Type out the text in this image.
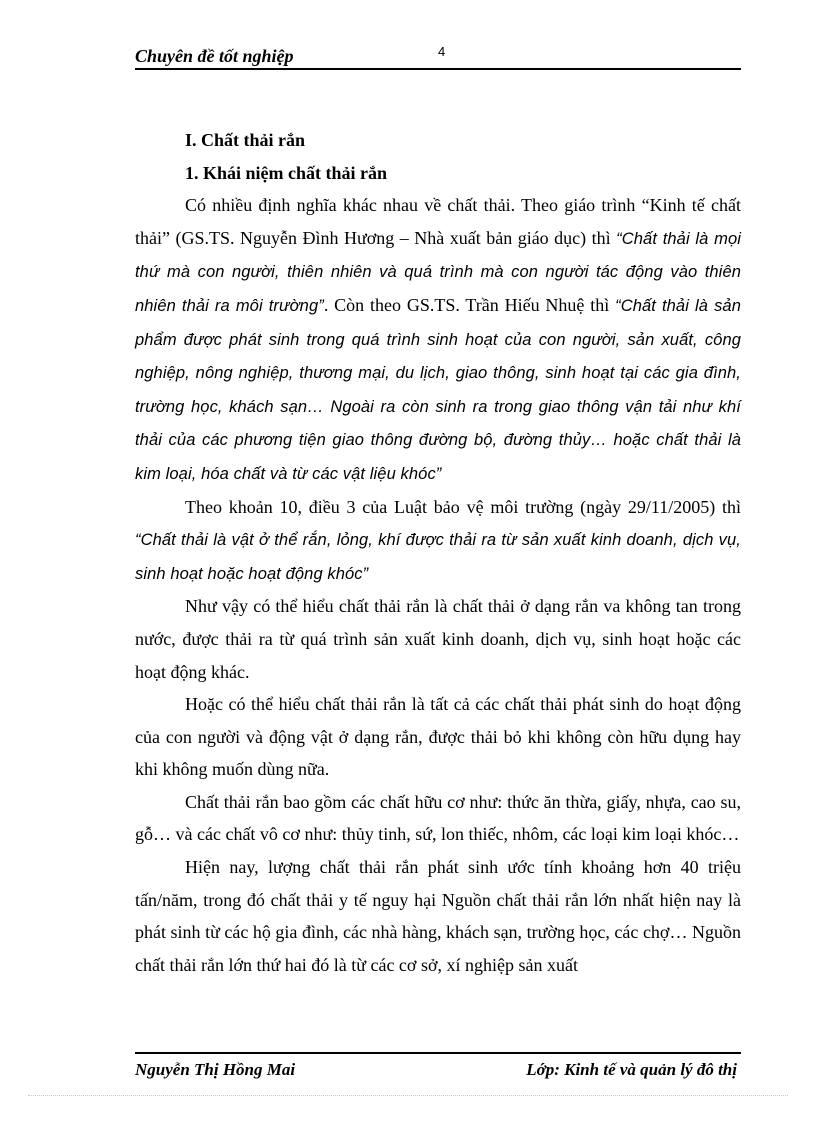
Chuyên đề tốt nghiệp	4

I. Chất thải rắn

1. Khái niệm chất thải rắn

Có nhiều định nghĩa khác nhau về chất thải. Theo giáo trình “Kinh tế chất thải” (GS.TS. Nguyễn Đình Hương – Nhà xuất bản giáo dục) thì “Chất thải là mọi thứ mà con người, thiên nhiên và quá trình mà con người tác động vào thiên nhiên thải ra môi trường”. Còn theo GS.TS. Trần Hiếu Nhuệ thì “Chất thải là sản phẩm được phát sinh trong quá trình sinh hoạt của con người, sản xuất, công nghiệp, nông nghiệp, thương mại, du lịch, giao thông, sinh hoạt tại các gia đình, trường học, khách sạn… Ngoài ra còn sinh ra trong giao thông vận tải như khí thải của các phương tiện giao thông đường bộ, đường thủy… hoặc chất thải là kim loại, hóa chất và từ các vật liệu khóc”

Theo khoản 10, điều 3 của Luật bảo vệ môi trường (ngày 29/11/2005) thì “Chất thải là vật ở thể rắn, lỏng, khí được thải ra từ sản xuất kinh doanh, dịch vụ, sinh hoạt hoặc hoạt động khóc”

Như vậy có thể hiểu chất thải rắn là chất thải ở dạng rắn va không tan trong nước, được thải ra từ quá trình sản xuất kinh doanh, dịch vụ, sinh hoạt hoặc các hoạt động khác.

Hoặc có thể hiểu chất thải rắn là tất cả các chất thải phát sinh do hoạt động của con người và động vật ở dạng rắn, được thải bỏ khi không còn hữu dụng hay khi không muốn dùng nữa.

Chất thải rắn bao gồm các chất hữu cơ như: thức ăn thừa, giấy, nhựa, cao su, gỗ… và các chất vô cơ như: thủy tinh, sứ, lon thiếc, nhôm, các loại kim loại khóc…

Hiện nay, lượng chất thải rắn phát sinh ước tính khoảng hơn 40 triệu tấn/năm, trong đó chất thải y tế nguy hại Nguồn chất thải rắn lớn nhất hiện nay là phát sinh từ các hộ gia đình, các nhà hàng, khách sạn, trường học, các chợ… Nguồn chất thải rắn lớn thứ hai đó là từ các cơ sở, xí nghiệp sản xuất

Nguyễn Thị Hồng Mai	Lớp: Kinh tế và quản lý đô thị
